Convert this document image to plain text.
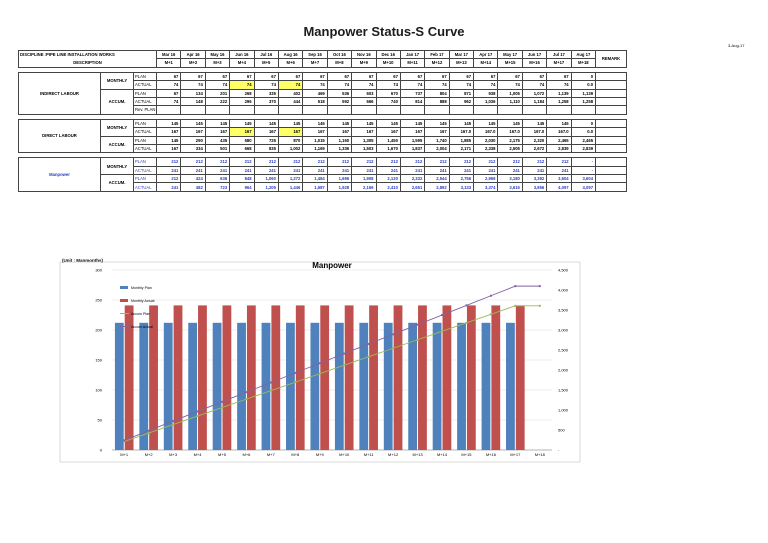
Manpower Status-S Curve
3-Aug-17
DISCIPLINE :PIPE LINE INSTALLATION WORKS			Mar 16	Apr 16	May 16	Jun 16	Jul 16	Aug 16	Sep 16	Oct 16	Nov 16	Dec 16	Jan 17	Feb 17	Mar 17	Apr 17	May 17	Jun 17	Jul 17	Aug 17	REMARK
DESCRIPTION			M+1	M+2	M+3	M+4	M+5	M+6	M+7	M+8	M+9	M+10	M+11	M+12	M+13	M+14	M+15	M+16	M+17	M+18	

INDIRECT LABOUR	MONTHLY	PLAN	67	67	67	67	67	67	67	67	67	67	67	67	67	67	67	67	67	0	
		ACTUAL	74	74	74	74	74	74	74	74	74	74	74	74	74	74	74	74	74	0.0	
	ACCUM.	PLAN	67	134	201	268	335	402	469	536	603	670	737	804	871	938	1,005	1,072	1,139	1,139	
		ACTUAL	74	148	222	296	370	444	518	592	666	740	814	888	962	1,036	1,110	1,184	1,258	1,258	
		Rev. PLAN																			

DIRECT LABOUR	MONTHLY	PLAN	145	145	145	145	145	145	145	145	145	145	145	145	145	145	145	145	145	0	
		ACTUAL	167	167	167	167	167	167	167	167	167	167	167	167	167.0	167.0	167.0	167.0	167.0	0.0	
	ACCUM.	PLAN	145	290	435	580	725	870	1,015	1,160	1,305	1,450	1,595	1,740	1,885	2,030	2,175	2,320	2,465	2,465	
		ACTUAL	167	334	501	668	835	1,002	1,169	1,336	1,503	1,670	1,837	2,004	2,171	2,338	2,505	2,672	2,839	2,839	

Manpower	MONTHLY	PLAN	212	212	212	212	212	212	212	212	212	212	212	212	212	212	212	212	212	-	
		ACTUAL	241	241	241	241	241	241	241	241	241	241	241	241	241	241	241	241	241	-	
	ACCUM.	PLAN	212	424	636	848	1,060	1,272	1,484	1,696	1,908	2,120	2,332	2,544	2,756	2,968	3,180	3,392	3,604	3,604	
		ACTUAL	241	482	723	964	1,205	1,446	1,687	1,928	2,169	2,410	2,651	2,892	3,133	3,374	3,615	3,856	4,097	4,097	
(Unit : Manmonths)
Manpower
0
50
100
150
200
250
300
-
500
1,000
1,500
2,000
2,500
3,000
3,500
4,000
4,500
M+1	M+2	M+3	M+4	M+5	M+6	M+7	M+8	M+9	M+10	M+11	M+12	M+13	M+14	M+15	M+16	M+17	M+18
Monthly Plan
Monthly Actual
Accum Plan
Accum Actual
